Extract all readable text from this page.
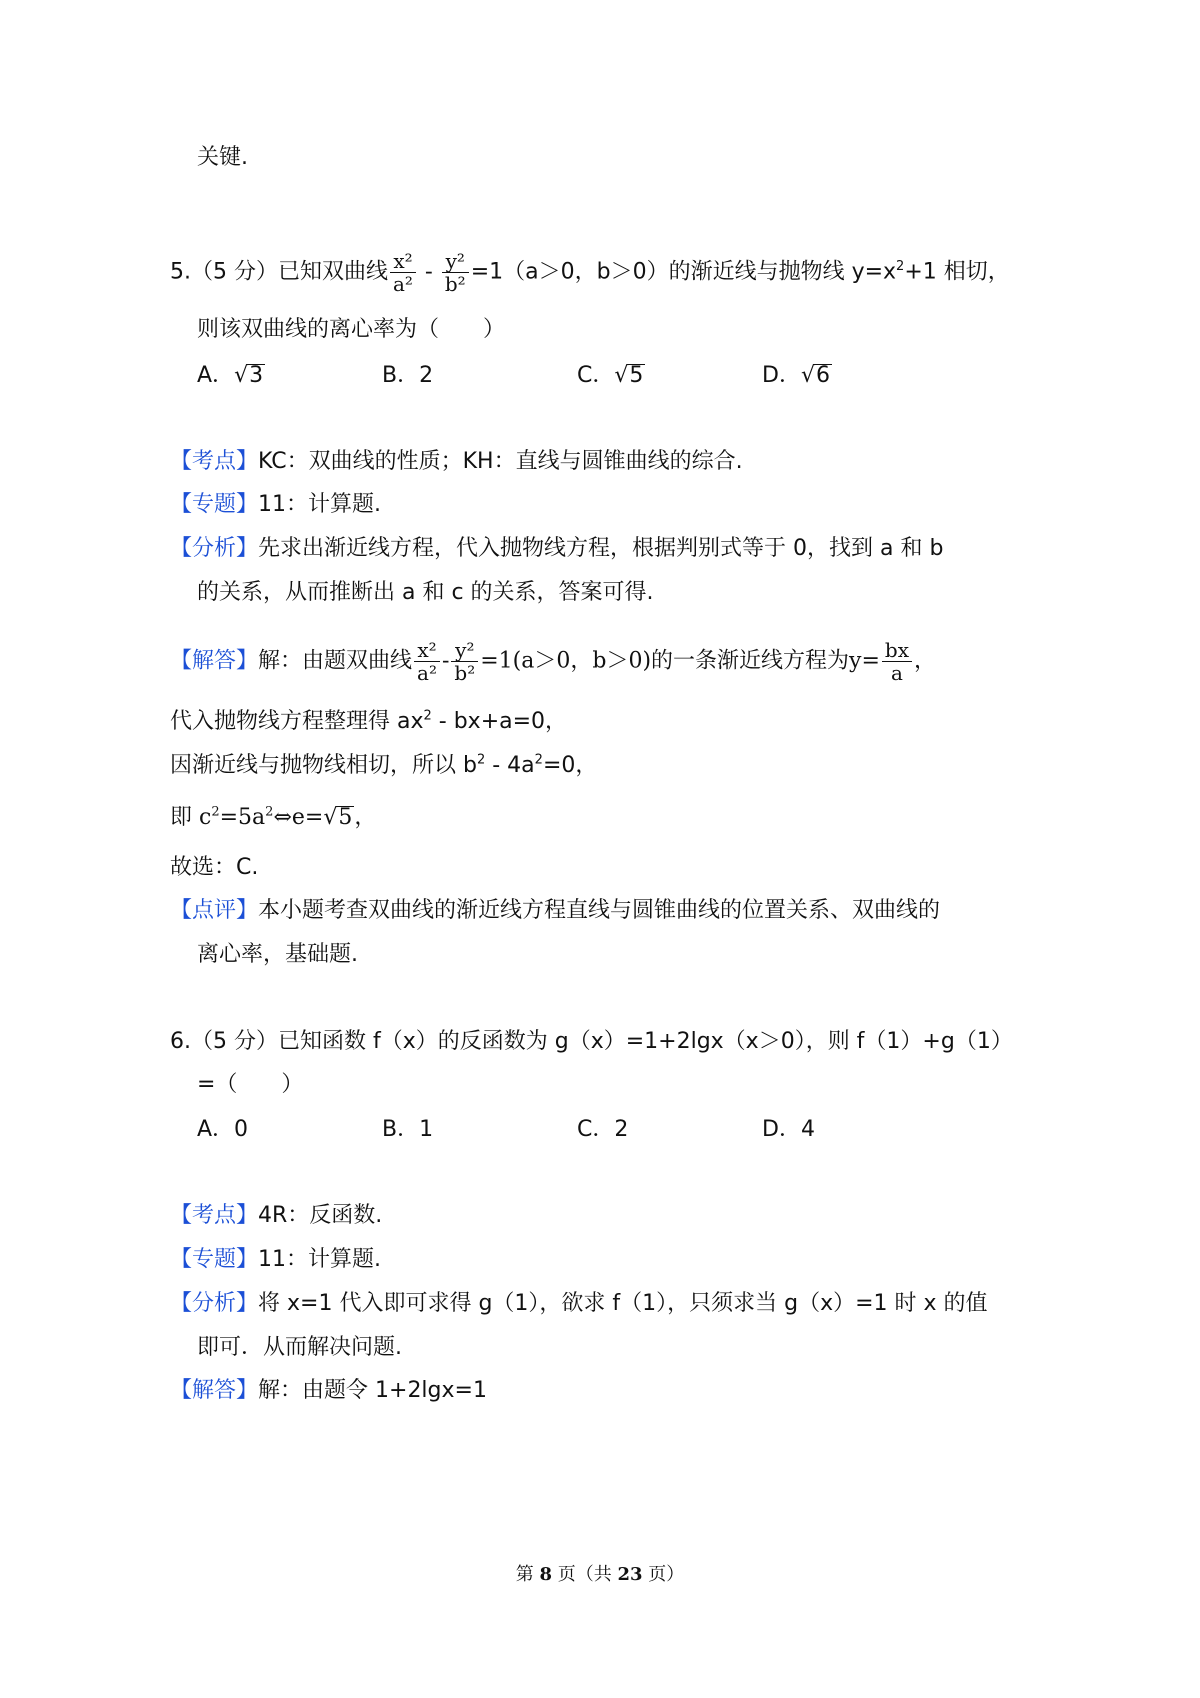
关键.
5.（5 分）已知双曲线 $\frac{\text{x²}}{\text{a²}} - \frac{\text{y²}}{\text{b²}} =1(a>0$，b＞0）的渐近线与抛物线 $y=x^2+1$ 相切，
则该双曲线的离心率为（　　）
A．√3	B．2	C．√5	D．√6
【考点】KC：双曲线的性质；KH：直线与圆锥曲线的综合.
【专题】11：计算题.
【分析】先求出渐近线方程，代入抛物线方程，根据判别式等于 0，找到 a 和 b
的关系，从而推断出 a 和 c 的关系，答案可得.
【解答】解：由题双曲线 $\frac{\text{x²}}{\text{a²}} - \frac{\text{y²}}{\text{b²}} =1(a>0$，b＞0)的一条渐近线方程为$y= \frac{bx}{a}$ ，
代入抛物线方程整理得 $ax^2 - bx+a=0$，
因渐近线与抛物线相切，所以 $b^2 - 4a^2=0$，
即 $c^2=5a^2\Leftrightarrow e=√5$，
故选：C.
【点评】本小题考查双曲线的渐近线方程直线与圆锥曲线的位置关系、双曲线的
离心率，基础题.
6.（5 分）已知函数 f（x）的反函数为 g（x）=1+2lgx（x＞0），则 f（1）+g（1）
=（　　）
A．0	B．1	C．2	D．4
【考点】4R：反函数.
【专题】11：计算题.
【分析】将 x=1 代入即可求得 g（1），欲求 f（1），只须求当 g（x）=1 时 x 的值
即可．从而解决问题.
【解答】解：由题令 1+2lgx=1
第 8 页（共 23 页）
